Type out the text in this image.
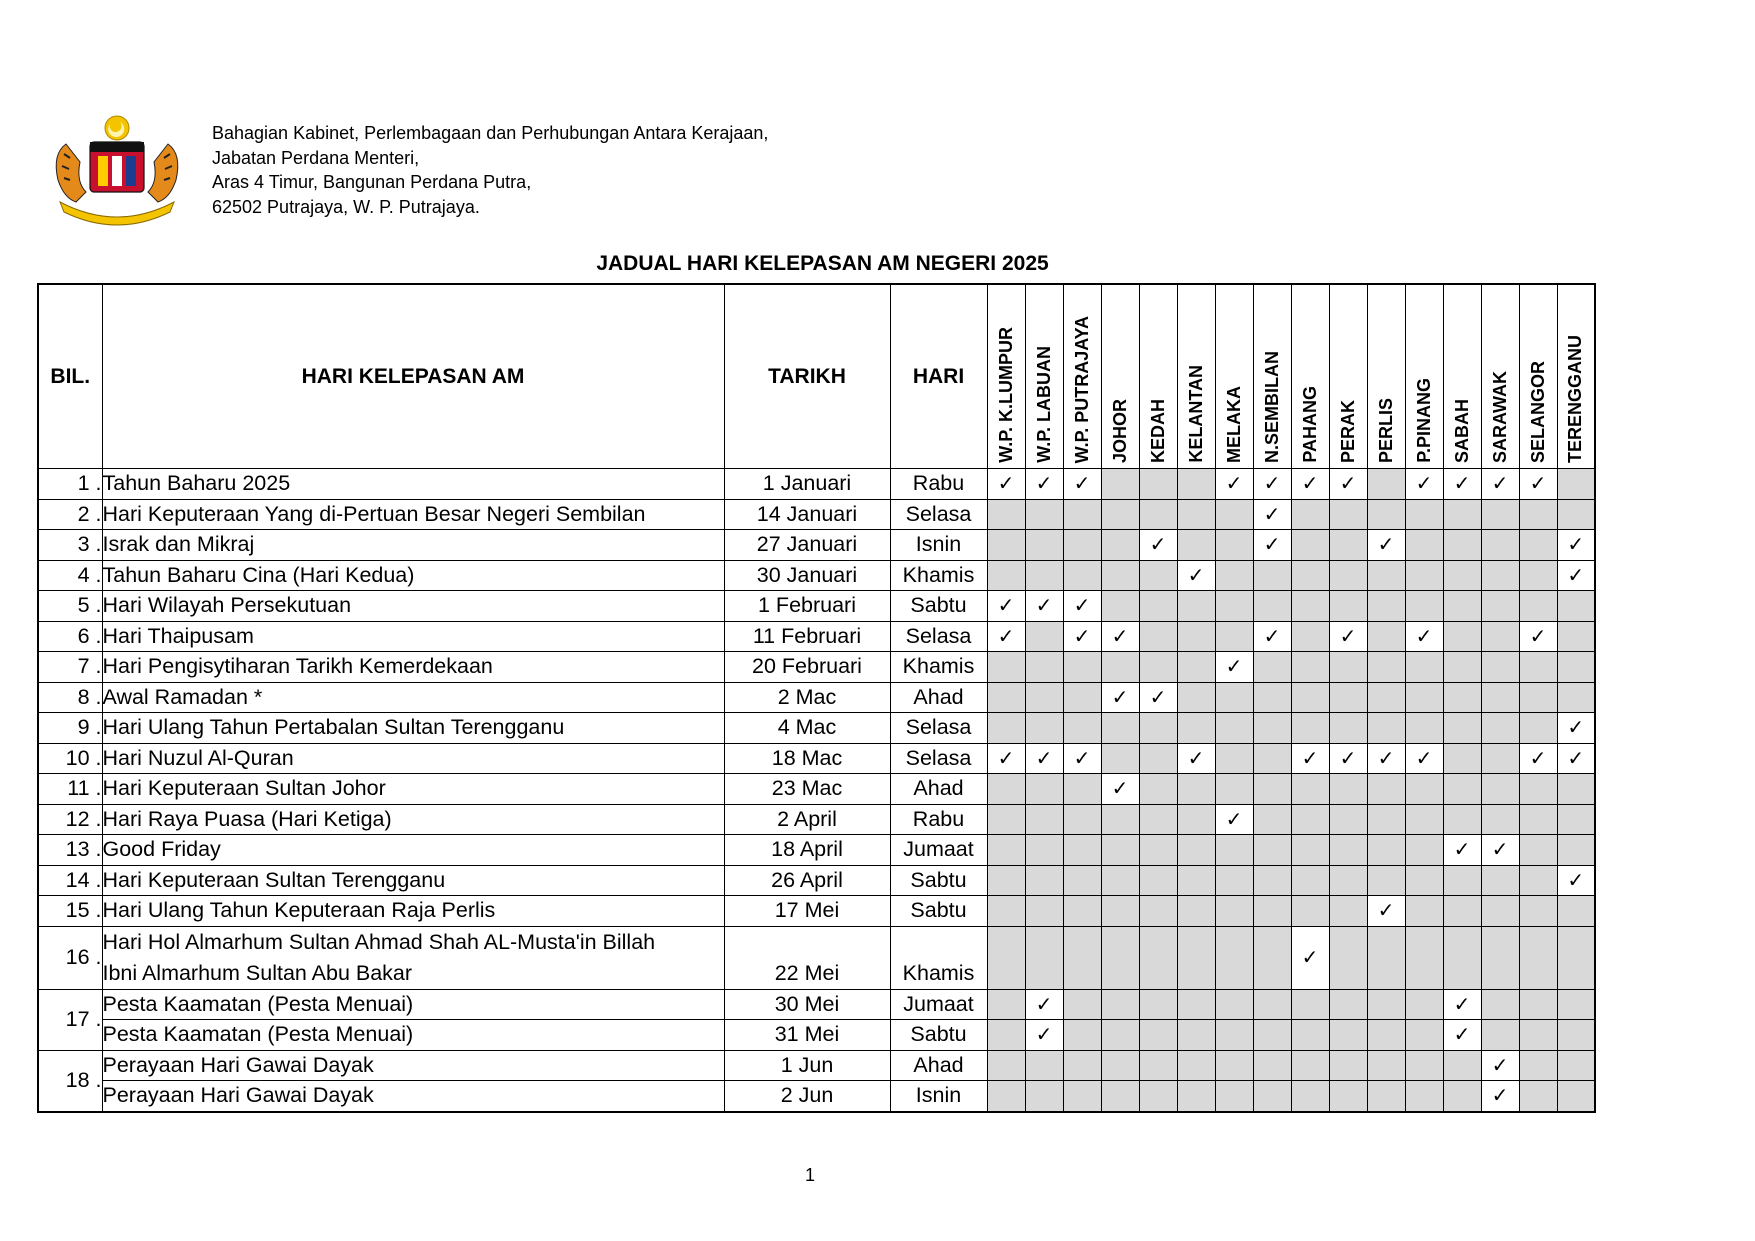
Bahagian Kabinet, Perlembagaan dan Perhubungan Antara Kerajaan,
Jabatan Perdana Menteri,
Aras 4 Timur, Bangunan Perdana Putra,
62502 Putrajaya, W. P. Putrajaya.
JADUAL HARI KELEPASAN AM NEGERI 2025
BIL.	HARI KELEPASAN AM	TARIKH	HARI	W.P. K.LUMPUR	W.P. LABUAN	W.P. PUTRAJAYA	JOHOR	KEDAH	KELANTAN	MELAKA	N.SEMBILAN	PAHANG	PERAK	PERLIS	P.PINANG	SABAH	SARAWAK	SELANGOR	TERENGGANU
1 .	Tahun Baharu 2025	1 Januari	Rabu	✓	✓	✓				✓	✓	✓	✓		✓	✓	✓	✓	
2 .	Hari Keputeraan Yang di-Pertuan Besar Negeri Sembilan	14 Januari	Selasa								✓								
3 .	Israk dan Mikraj	27 Januari	Isnin					✓			✓			✓					✓
4 .	Tahun Baharu Cina (Hari Kedua)	30 Januari	Khamis						✓										✓
5 .	Hari Wilayah Persekutuan	1 Februari	Sabtu	✓	✓	✓													
6 .	Hari Thaipusam	11 Februari	Selasa	✓		✓	✓				✓		✓		✓			✓	
7 .	Hari Pengisytiharan Tarikh Kemerdekaan	20 Februari	Khamis							✓									
8 .	Awal Ramadan *	2 Mac	Ahad				✓	✓											
9 .	Hari Ulang Tahun Pertabalan Sultan Terengganu	4 Mac	Selasa																✓
10 .	Hari Nuzul Al-Quran	18 Mac	Selasa	✓	✓	✓			✓			✓	✓	✓	✓			✓	✓
11 .	Hari Keputeraan Sultan Johor	23 Mac	Ahad				✓												
12 .	Hari Raya Puasa (Hari Ketiga)	2 April	Rabu							✓									
13 .	Good Friday	18 April	Jumaat													✓	✓		
14 .	Hari Keputeraan Sultan Terengganu	26 April	Sabtu																✓
15 .	Hari Ulang Tahun Keputeraan Raja Perlis	17 Mei	Sabtu											✓					
16 .	Hari Hol Almarhum Sultan Ahmad Shah AL-Musta'in Billah
Ibni Almarhum Sultan Abu Bakar	22 Mei	Khamis									✓							
17 .	Pesta Kaamatan (Pesta Menuai)	30 Mei	Jumaat		✓											✓			
	Pesta Kaamatan (Pesta Menuai)	31 Mei	Sabtu		✓											✓			
18 .	Perayaan Hari Gawai Dayak	1 Jun	Ahad														✓		
	Perayaan Hari Gawai Dayak	2 Jun	Isnin														✓		
1
